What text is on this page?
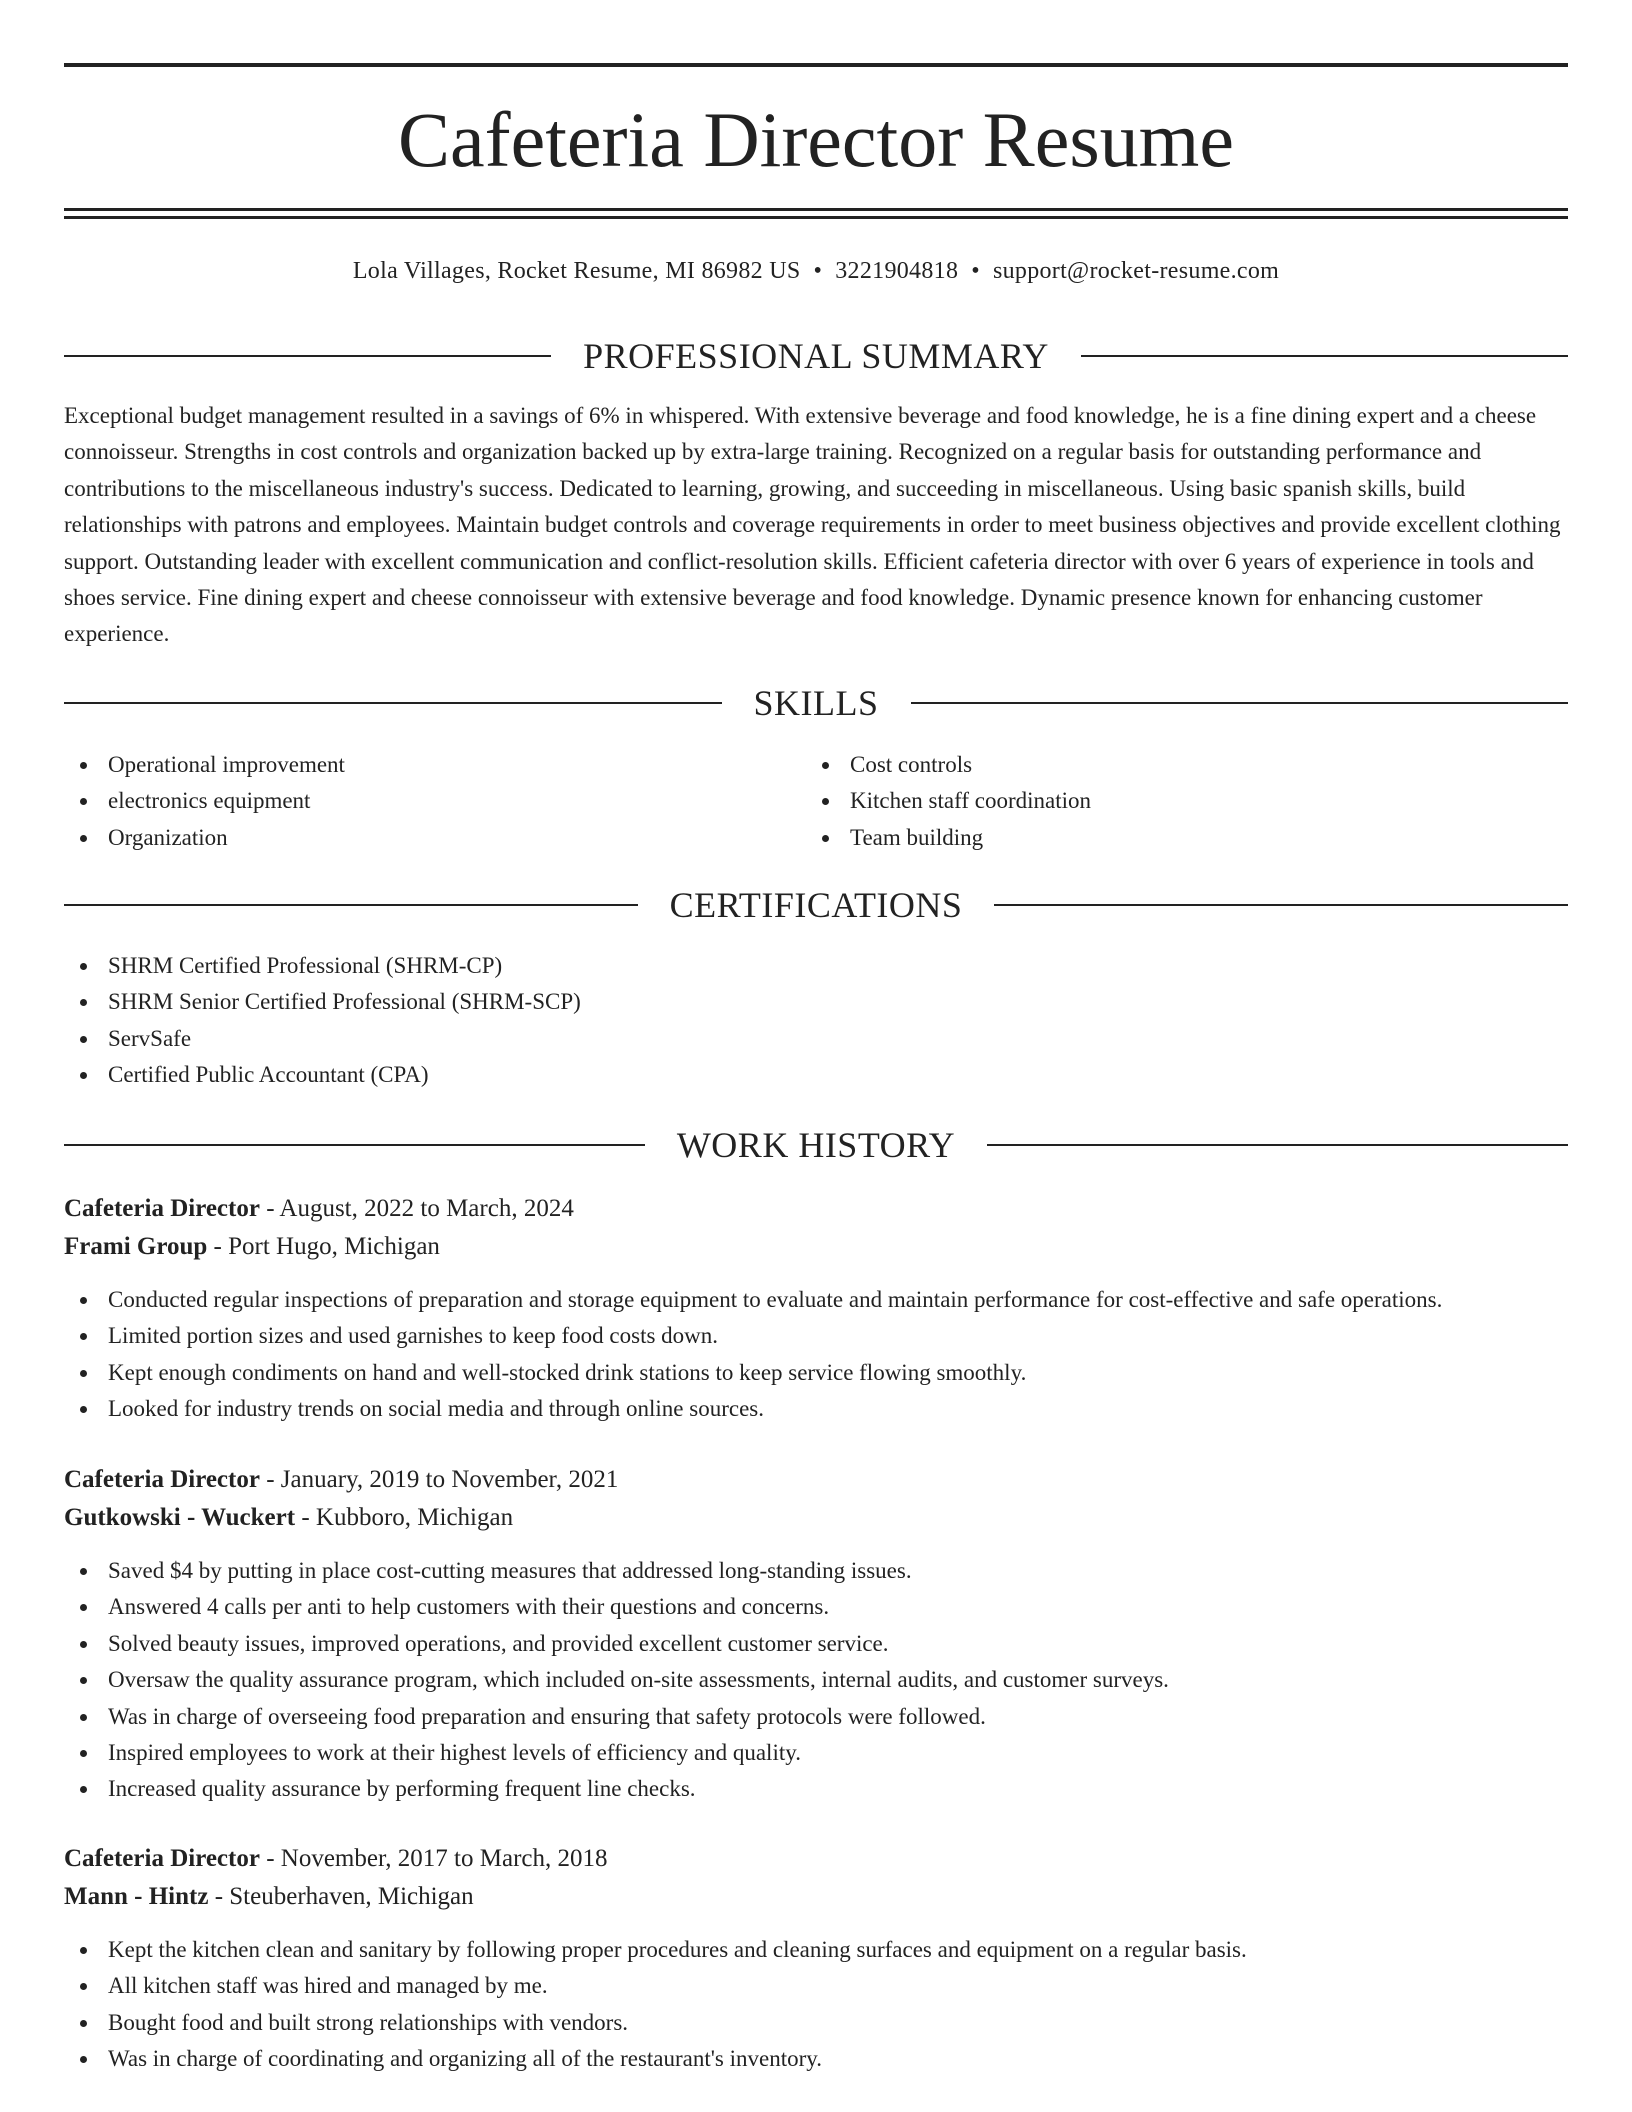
Cafeteria Director Resume
Lola Villages, Rocket Resume, MI 86982 US • 3221904818 • support@rocket-resume.com
PROFESSIONAL SUMMARY

Exceptional budget management resulted in a savings of 6% in whispered. With extensive beverage and food knowledge, he is a fine dining expert and a cheese connoisseur. Strengths in cost controls and organization backed up by extra-large training. Recognized on a regular basis for outstanding performance and contributions to the miscellaneous industry's success. Dedicated to learning, growing, and succeeding in miscellaneous. Using basic spanish skills, build relationships with patrons and employees. Maintain budget controls and coverage requirements in order to meet business objectives and provide excellent clothing support. Outstanding leader with excellent communication and conflict-resolution skills. Efficient cafeteria director with over 6 years of experience in tools and shoes service. Fine dining expert and cheese connoisseur with extensive beverage and food knowledge. Dynamic presence known for enhancing customer experience.

SKILLS
Operational improvement
electronics equipment
Organization
Cost controls
Kitchen staff coordination
Team building
CERTIFICATIONS
SHRM Certified Professional (SHRM-CP)
SHRM Senior Certified Professional (SHRM-SCP)
ServSafe
Certified Public Accountant (CPA)
WORK HISTORY
Cafeteria Director - August, 2022 to March, 2024
Frami Group - Port Hugo, Michigan
Conducted regular inspections of preparation and storage equipment to evaluate and maintain performance for cost-effective and safe operations.
Limited portion sizes and used garnishes to keep food costs down.
Kept enough condiments on hand and well-stocked drink stations to keep service flowing smoothly.
Looked for industry trends on social media and through online sources.
Cafeteria Director - January, 2019 to November, 2021
Gutkowski - Wuckert - Kubboro, Michigan
Saved $4 by putting in place cost-cutting measures that addressed long-standing issues.
Answered 4 calls per anti to help customers with their questions and concerns.
Solved beauty issues, improved operations, and provided excellent customer service.
Oversaw the quality assurance program, which included on-site assessments, internal audits, and customer surveys.
Was in charge of overseeing food preparation and ensuring that safety protocols were followed.
Inspired employees to work at their highest levels of efficiency and quality.
Increased quality assurance by performing frequent line checks.
Cafeteria Director - November, 2017 to March, 2018
Mann - Hintz - Steuberhaven, Michigan
Kept the kitchen clean and sanitary by following proper procedures and cleaning surfaces and equipment on a regular basis.
All kitchen staff was hired and managed by me.
Bought food and built strong relationships with vendors.
Was in charge of coordinating and organizing all of the restaurant's inventory.
